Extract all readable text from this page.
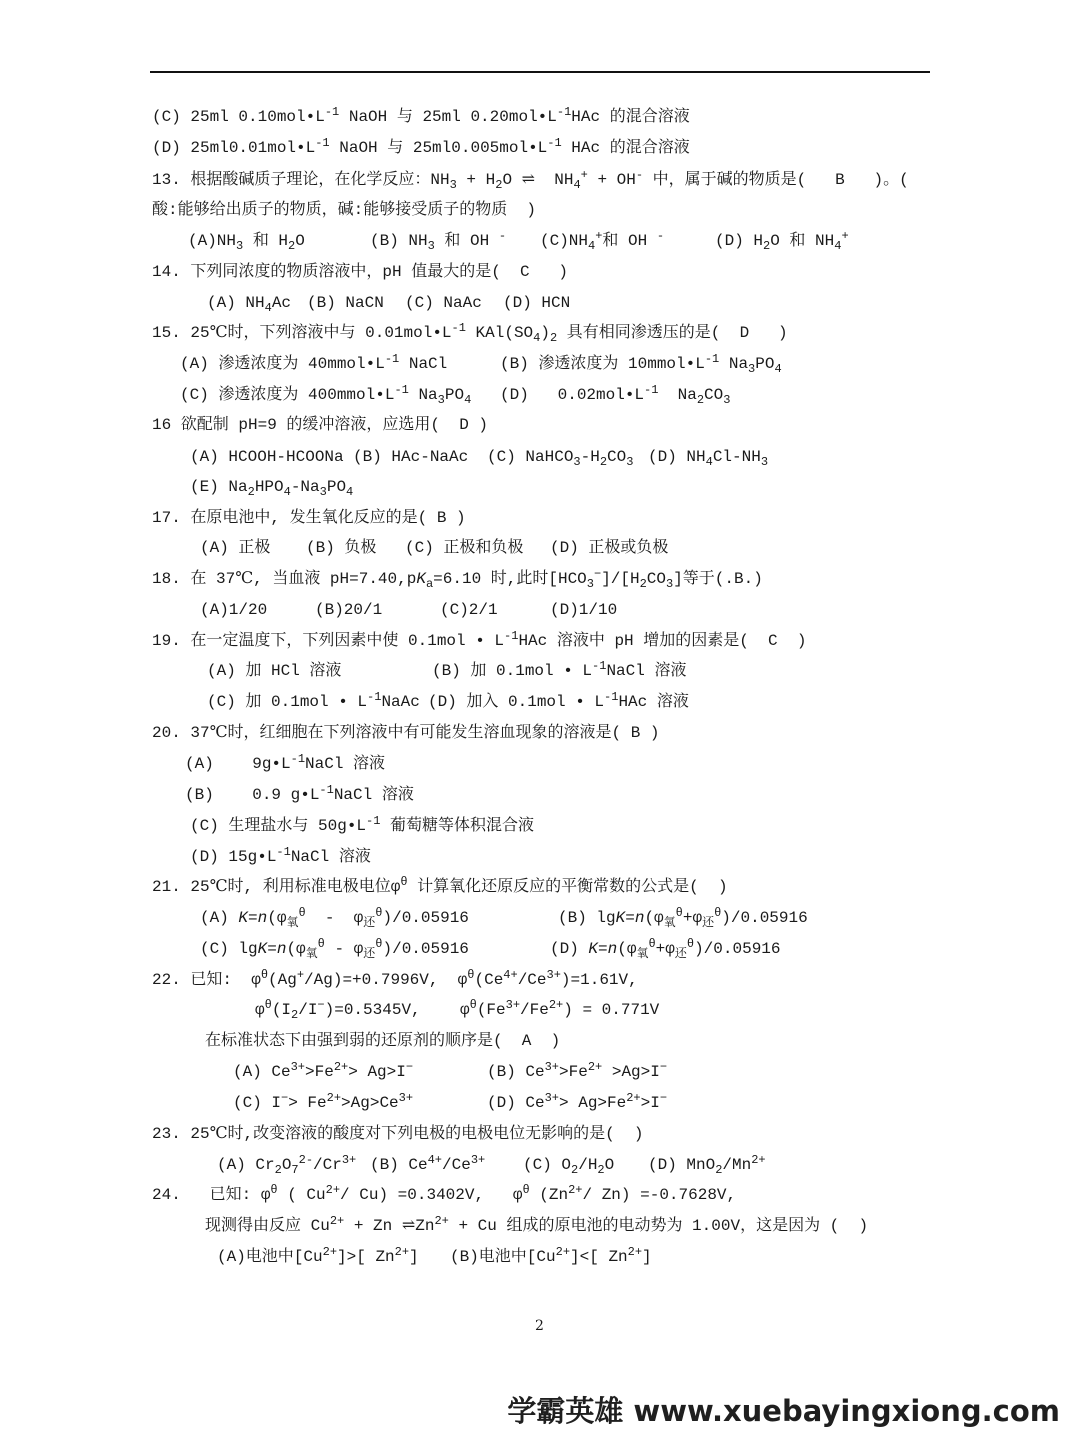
(C) 25ml $0.10mol•L^{-1}$ NaOH 与 25ml $0.20mol•L^{-1}HAc$ 的混合溶液
(D) $25ml0.01mol•L^{-1}$ NaOH 与 $25ml0.005mol•L^{-1}$ HAc 的混合溶液
13. 根据酸碱质子理论，在化学反应：$NH_3 + H_2O$ ⇌  $NH_4^+ + OH^-$ 中，属于碱的物质是(   B   )。(
酸:能够给出质子的物质，碱:能够接受质子的物质  )
$(A)NH_3$ 和 $H_2O$	(B) $NH_3$ 和 OH - $(C)NH_4^+$和 OH -	(D) $H_2O$ 和 $NH_4^+$
14. 下列同浓度的物质溶液中，pH 值最大的是(  C   )
(A) $NH_4Ac$ (B) NaCN (C) NaAc (D) HCN
15. 25℃时，下列溶液中与 $0.01mol•L^{-1}$ $KAl(SO_4)_2$ 具有相同渗透压的是(  D   )
(A) 渗透浓度为 $40mmol•L^{-1}$ NaCl	(B) 渗透浓度为 $10mmol•L^{-1}$ $Na_3PO_4$
(C) 渗透浓度为 $400mmol•L^{-1}$ $Na_3PO_4$ (D)   $0.02mol•L^{-1}$  $Na_2CO_3$
16 欲配制 pH=9 的缓冲溶液，应选用(  D )
(A) HCOOH-HCOONa (B) HAc-NaAc (C) $NaHCO_3-H_2CO_3$ (D) $NH_4Cl-NH_3$
(E) $Na_2HPO_4-Na_3PO_4$
17. 在原电池中, 发生氧化反应的是( B )
(A) 正极 (B) 负极 (C) 正极和负极 (D) 正极或负极
18. 在 37℃, 当血液 $pH=7.40,pK_a=6.10$ 时,此时$[HCO_3^-]/[H_2CO_3]$等于(.B.)
(A)1/20	(B)20/1	(C)2/1	(D)1/10
19. 在一定温度下，下列因素中使 0.1mol • $L^{-1}HAc$ 溶液中 pH 增加的因素是(  C  )
(A) 加 HCl 溶液	(B) 加 0.1mol • $L^{-1}NaCl$ 溶液
(C) 加 0.1mol • $L^{-1}NaAc$ (D) 加入 0.1mol • $L^{-1}HAc$ 溶液
20. 37℃时，红细胞在下列溶液中有可能发生溶血现象的溶液是( B )
(A)    $9g•L^{-1}NaCl$ 溶液
(B)    0.9 $g•L^{-1}NaCl$ 溶液
(C) 生理盐水与 $50g•L^{-1}$ 葡萄糖等体积混合液
(D) $15g•L^{-1}NaCl$ 溶液
21. 25℃时, 利用标准电极电位$\varphi^\theta$ 计算氧化还原反应的平衡常数的公式是(  )
(A) $K=n(\varphi_氧^\theta - \varphi_还^\theta)/0.05916$	(B) $\lg K=n(\varphi_氧^\theta+\varphi_还^\theta)/0.05916$
(C) $\lg K=n(\varphi_氧^\theta - \varphi_还^\theta)/0.05916$	(D) $K=n(\varphi_氧^\theta+\varphi_还^\theta)/0.05916$
22. 已知:  $\varphi^\theta(Ag^+/Ag)=+0.7996V$,  $\varphi^\theta(Ce^{4+}/Ce^{3+})=1.61V$,
$\varphi^\theta(I_2/I^-)=0.5345V$, $\varphi^\theta(Fe^{3+}/Fe^{2+}) = 0.771V$
在标准状态下由强到弱的还原剂的顺序是(  A  )
(A) $Ce^{3+}>Fe^{2+}> Ag>I^-$	(B) $Ce^{3+}>Fe^{2+} >Ag>I^-$
(C) $I^-> Fe^{2+}>Ag>Ce^{3+}$	(D) $Ce^{3+}> Ag>Fe^{2+}>I^-$
23. 25℃时,改变溶液的酸度对下列电极的电极电位无影响的是(  )
(A) $Cr_2O_7^{2-}/Cr^{3+}$ (B) $Ce^{4+}/Ce^{3+}$ (C) $O_2/H_2O$ (D) $MnO_2/Mn^{2+}$
24.   已知: $\varphi^\theta$ ( $Cu^{2+}/$ Cu) =0.3402V,   $\varphi^\theta$ ($Zn^{2+}/$ Zn) =-0.7628V,
现测得由反应 $Cu^{2+} + Zn$ $\rightleftharpoons Zn^{2+} + Cu$ 组成的原电池的电动势为 1.00V，这是因为 (  )
(A)电池中$[Cu^{2+}]>$[ $Zn^{2+}$] (B)电池中$[Cu^{2+}]<$[ $Zn^{2+}$]
2
学霸英雄 www.xuebayingxiong.com
